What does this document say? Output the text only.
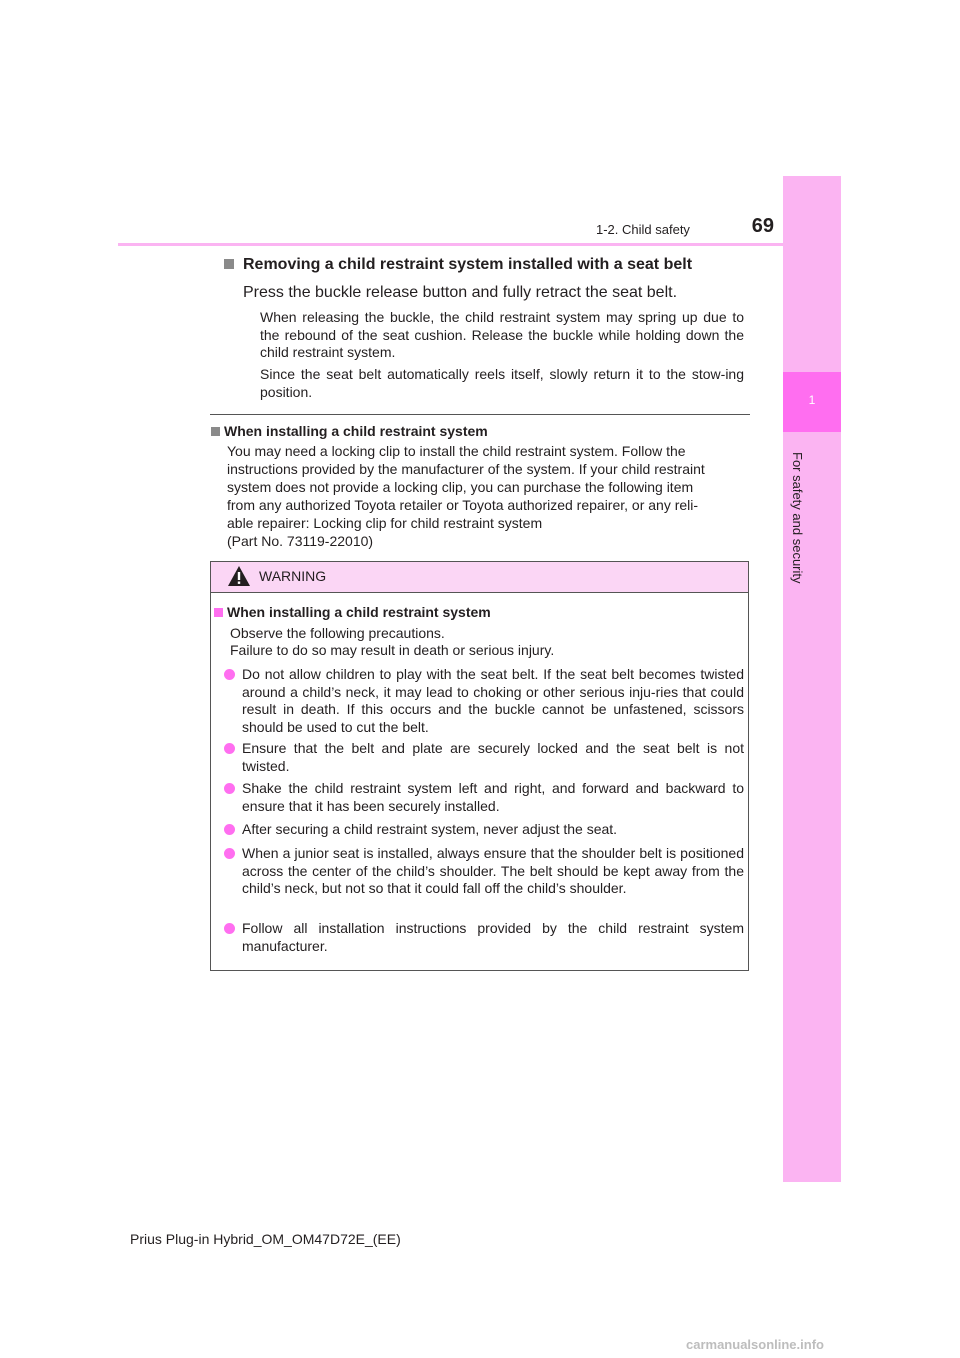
1
For safety and security
1-2. Child safety	69
Removing a child restraint system installed with a seat belt
Press the buckle release button and fully retract the seat belt.
When releasing the buckle, the child restraint system may spring up due to the rebound of the seat cushion. Release the buckle while holding down the child restraint system.
Since the seat belt automatically reels itself, slowly return it to the stow-ing position.
When installing a child restraint system
You may need a locking clip to install the child restraint system. Follow the
instructions provided by the manufacturer of the system. If your child restraint
system does not provide a locking clip, you can purchase the following item
from any authorized Toyota retailer or Toyota authorized repairer, or any reli-
able repairer: Locking clip for child restraint system
(Part No. 73119-22010)
WARNING
When installing a child restraint system
Observe the following precautions.
Failure to do so may result in death or serious injury.
Do not allow children to play with the seat belt. If the seat belt becomes twisted around a child’s neck, it may lead to choking or other serious inju-ries that could result in death. If this occurs and the buckle cannot be unfastened, scissors should be used to cut the belt.
Ensure that the belt and plate are securely locked and the seat belt is not twisted.
Shake the child restraint system left and right, and forward and backward to ensure that it has been securely installed.
After securing a child restraint system, never adjust the seat.
When a junior seat is installed, always ensure that the shoulder belt is positioned across the center of the child’s shoulder. The belt should be kept away from the child’s neck, but not so that it could fall off the child’s shoulder.
Follow all installation instructions provided by the child restraint system manufacturer.
Prius Plug-in Hybrid_OM_OM47D72E_(EE)
carmanualsonline.info
